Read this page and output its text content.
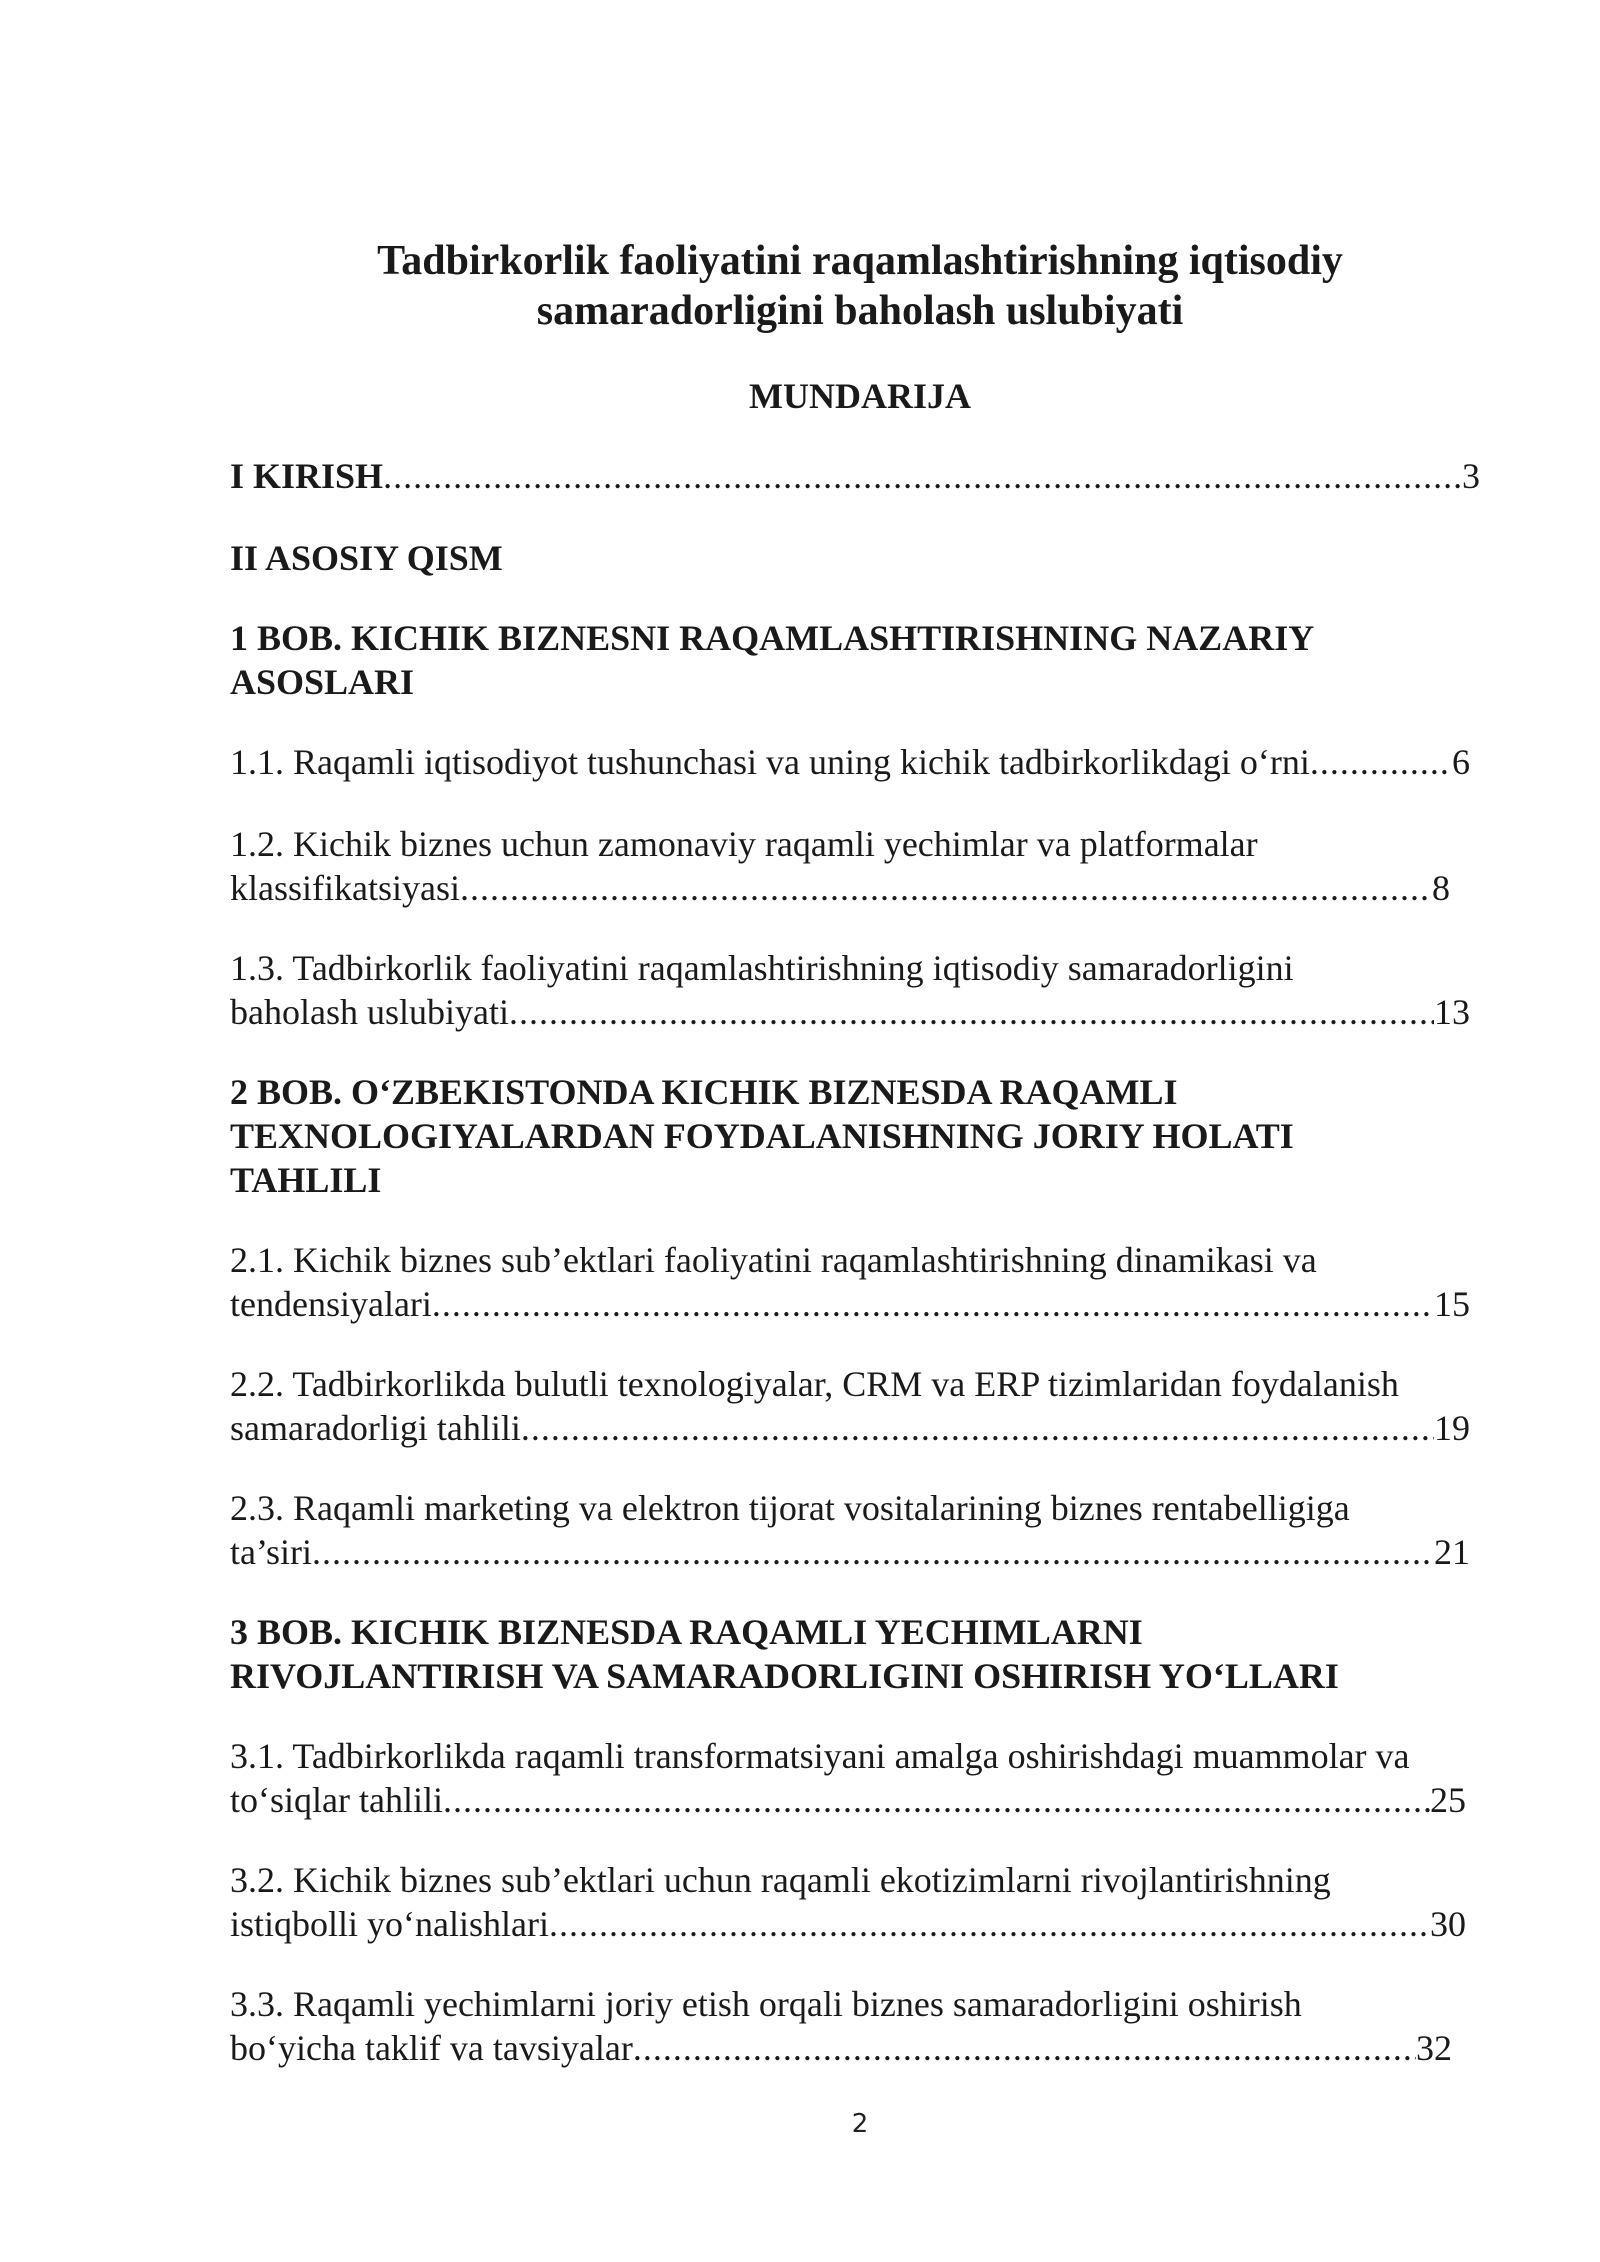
Tadbirkorlik faoliyatini raqamlashtirishning iqtisodiy
samaradorligini baholash uslubiyati
MUNDARIJA
I KIRISH .....	3
II ASOSIY QISM
1 BOB. KICHIK BIZNESNI RAQAMLASHTIRISHNING NAZARIY
ASOSLARI
1.1. Raqamli iqtisodiyot tushunchasi va uning kichik tadbirkorlikdagi o‘rni .....	6
1.2. Kichik biznes uchun zamonaviy raqamli yechimlar va platformalar
klassifikatsiyasi .....	8
1.3. Tadbirkorlik faoliyatini raqamlashtirishning iqtisodiy samaradorligini
baholash uslubiyati .....	13
2 BOB. O‘ZBEKISTONDA KICHIK BIZNESDA RAQAMLI
TEXNOLOGIYALARDAN FOYDALANISHNING JORIY HOLATI
TAHLILI
2.1. Kichik biznes sub’ektlari faoliyatini raqamlashtirishning dinamikasi va
tendensiyalari .....	15
2.2. Tadbirkorlikda bulutli texnologiyalar, CRM va ERP tizimlaridan foydalanish
samaradorligi tahlili .....	19
2.3. Raqamli marketing va elektron tijorat vositalarining biznes rentabelligiga
ta’siri .....	21
3 BOB. KICHIK BIZNESDA RAQAMLI YECHIMLARNI
RIVOJLANTIRISH VA SAMARADORLIGINI OSHIRISH YO‘LLARI
3.1. Tadbirkorlikda raqamli transformatsiyani amalga oshirishdagi muammolar va
to‘siqlar tahlili .....	25
3.2. Kichik biznes sub’ektlari uchun raqamli ekotizimlarni rivojlantirishning
istiqbolli yo‘nalishlari .....	30
3.3. Raqamli yechimlarni joriy etish orqali biznes samaradorligini oshirish
bo‘yicha taklif va tavsiyalar .....	32
2
